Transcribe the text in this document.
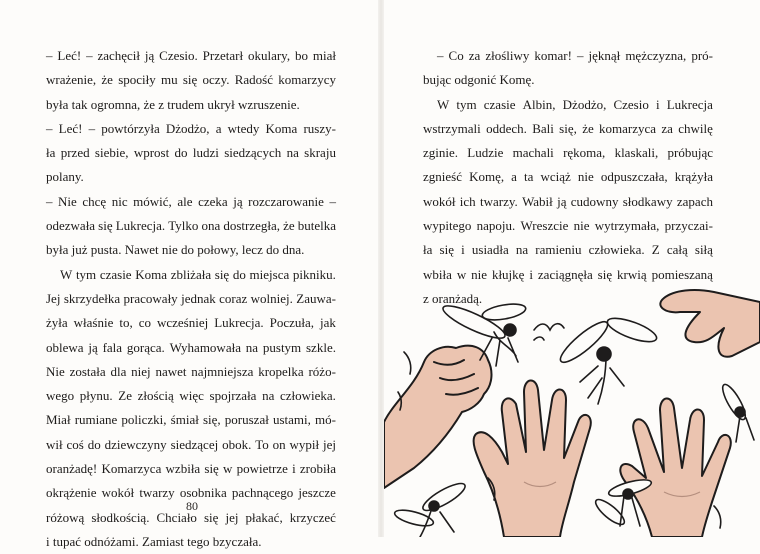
– Leć! – zachęcił ją Czesio. Przetarł okulary, bo miał
wrażenie, że spociły mu się oczy. Radość komarzycy
była tak ogromna, że z trudem ukrył wzruszenie.
– Leć! – powtórzyła Dżodżo, a wtedy Koma ruszy-
ła przed siebie, wprost do ludzi siedzących na skraju
polany.
– Nie chcę nic mówić, ale czeka ją rozczarowanie –
odezwała się Lukrecja. Tylko ona dostrzegła, że butelka
była już pusta. Nawet nie do połowy, lecz do dna.
W tym czasie Koma zbliżała się do miejsca pikniku.
Jej skrzydełka pracowały jednak coraz wolniej. Zauwa-
żyła właśnie to, co wcześniej Lukrecja. Poczuła, jak
oblewa ją fala gorąca. Wyhamowała na pustym szkle.
Nie została dla niej nawet najmniejsza kropelka różo-
wego płynu. Ze złością więc spojrzała na człowieka.
Miał rumiane policzki, śmiał się, poruszał ustami, mó-
wił coś do dziewczyny siedzącej obok. To on wypił jej
oranżadę! Komarzyca wzbiła się w powietrze i zrobiła
okrążenie wokół twarzy osobnika pachnącego jeszcze
różową słodkością. Chciało się jej płakać, krzyczeć
i tupać odnóżami. Zamiast tego bzyczała.
80
– Co za złośliwy komar! – jęknął mężczyzna, pró-
bując odgonić Komę.
W tym czasie Albin, Dżodżo, Czesio i Lukrecja
wstrzymali oddech. Bali się, że komarzyca za chwilę
zginie. Ludzie machali rękoma, klaskali, próbując
zgnieść Komę, a ta wciąż nie odpuszczała, krążyła
wokół ich twarzy. Wabił ją cudowny słodkawy zapach
wypitego napoju. Wreszcie nie wytrzymała, przyczai-
ła się i usiadła na ramieniu człowieka. Z całą siłą
wbiła w nie kłujkę i zaciągnęła się krwią pomieszaną
z oranżadą.
